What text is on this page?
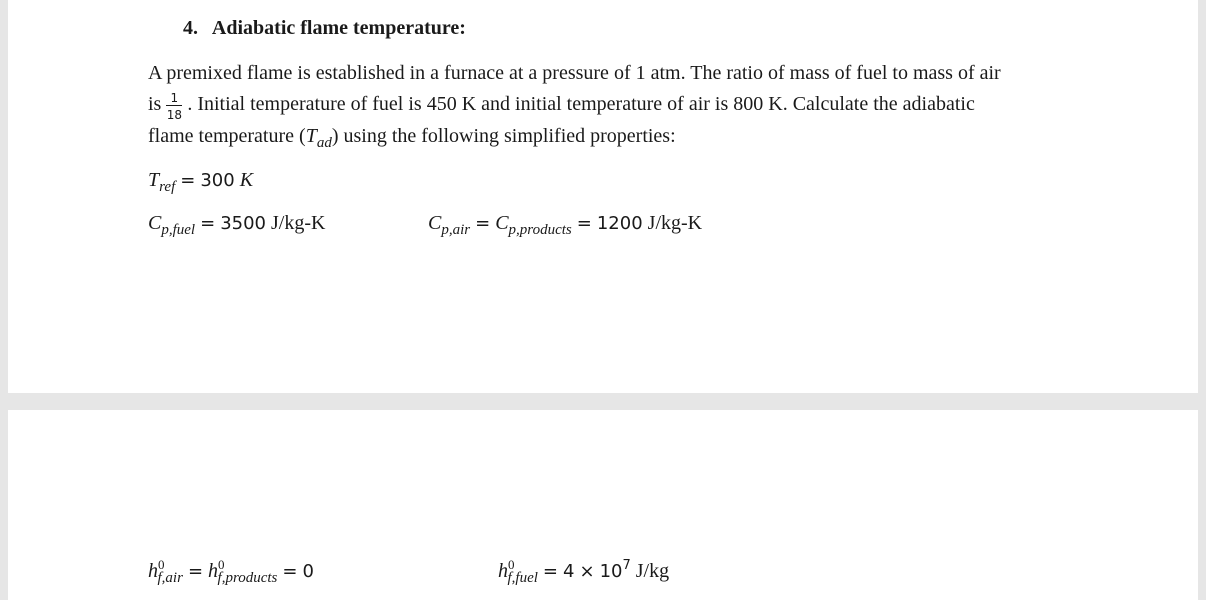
4. Adiabatic flame temperature:
A premixed flame is established in a furnace at a pressure of 1 atm. The ratio of mass of fuel to mass of air
is $\frac{1}{18}$ . Initial temperature of fuel is 450 K and initial temperature of air is 800 K. Calculate the adiabatic
flame temperature $(T_{ad})$ using the following simplified properties:
$T_{ref} = 300$ K
$C_{p,fuel} = 3500$ J/kg-K	$C_{p,air} = C_{p,products} = 1200$ J/kg-K
$h^0_{f,air} = h^0_{f,products} = 0$	$h^0_{f,fuel} = 4 \times 10^7$ J/kg
